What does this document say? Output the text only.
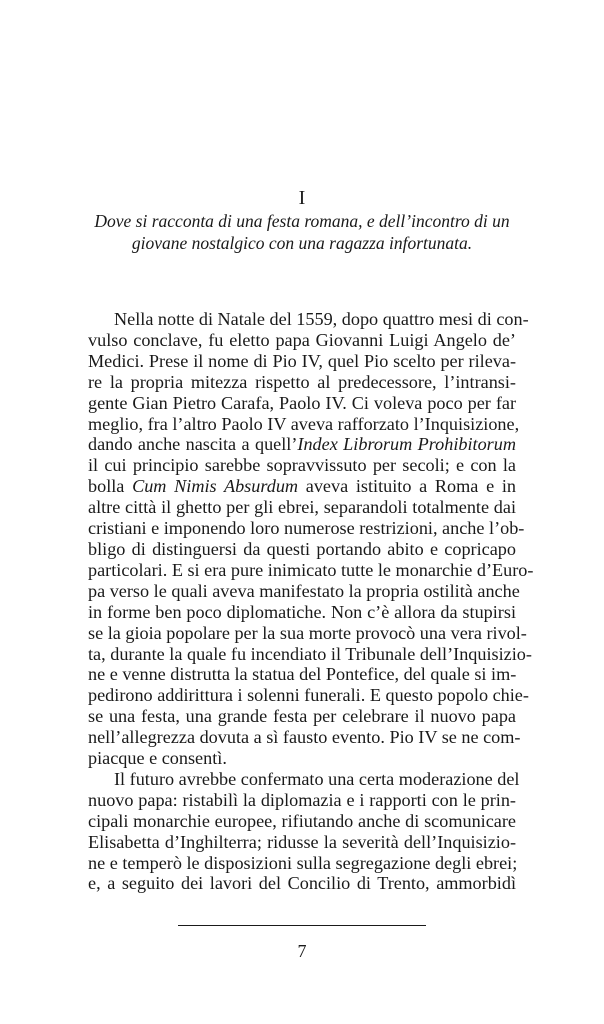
I
Dove si racconta di una festa romana, e dell’incontro di un
giovane nostalgico con una ragazza infortunata.

Nella notte di Natale del 1559, dopo quattro mesi di con-
vulso conclave, fu eletto papa Giovanni Luigi Angelo de’
Medici. Prese il nome di Pio IV, quel Pio scelto per rileva-
re la propria mitezza rispetto al predecessore, l’intransi-
gente Gian Pietro Carafa, Paolo IV. Ci voleva poco per far
meglio, fra l’altro Paolo IV aveva rafforzato l’Inquisizione,
dando anche nascita a quell’Index Librorum Prohibitorum
il cui principio sarebbe sopravvissuto per secoli; e con la
bolla Cum Nimis Absurdum aveva istituito a Roma e in
altre città il ghetto per gli ebrei, separandoli totalmente dai
cristiani e imponendo loro numerose restrizioni, anche l’ob-
bligo di distinguersi da questi portando abito e copricapo
particolari. E si era pure inimicato tutte le monarchie d’Euro-
pa verso le quali aveva manifestato la propria ostilità anche
in forme ben poco diplomatiche. Non c’è allora da stupirsi
se la gioia popolare per la sua morte provocò una vera rivol-
ta, durante la quale fu incendiato il Tribunale dell’Inquisizio-
ne e venne distrutta la statua del Pontefice, del quale si im-
pedirono addirittura i solenni funerali. E questo popolo chie-
se una festa, una grande festa per celebrare il nuovo papa
nell’allegrezza dovuta a sì fausto evento. Pio IV se ne com-
piacque e consentì.

Il futuro avrebbe confermato una certa moderazione del
nuovo papa: ristabilì la diplomazia e i rapporti con le prin-
cipali monarchie europee, rifiutando anche di scomunicare
Elisabetta d’Inghilterra; ridusse la severità dell’Inquisizio-
ne e temperò le disposizioni sulla segregazione degli ebrei;
e, a seguito dei lavori del Concilio di Trento, ammorbidì

7
